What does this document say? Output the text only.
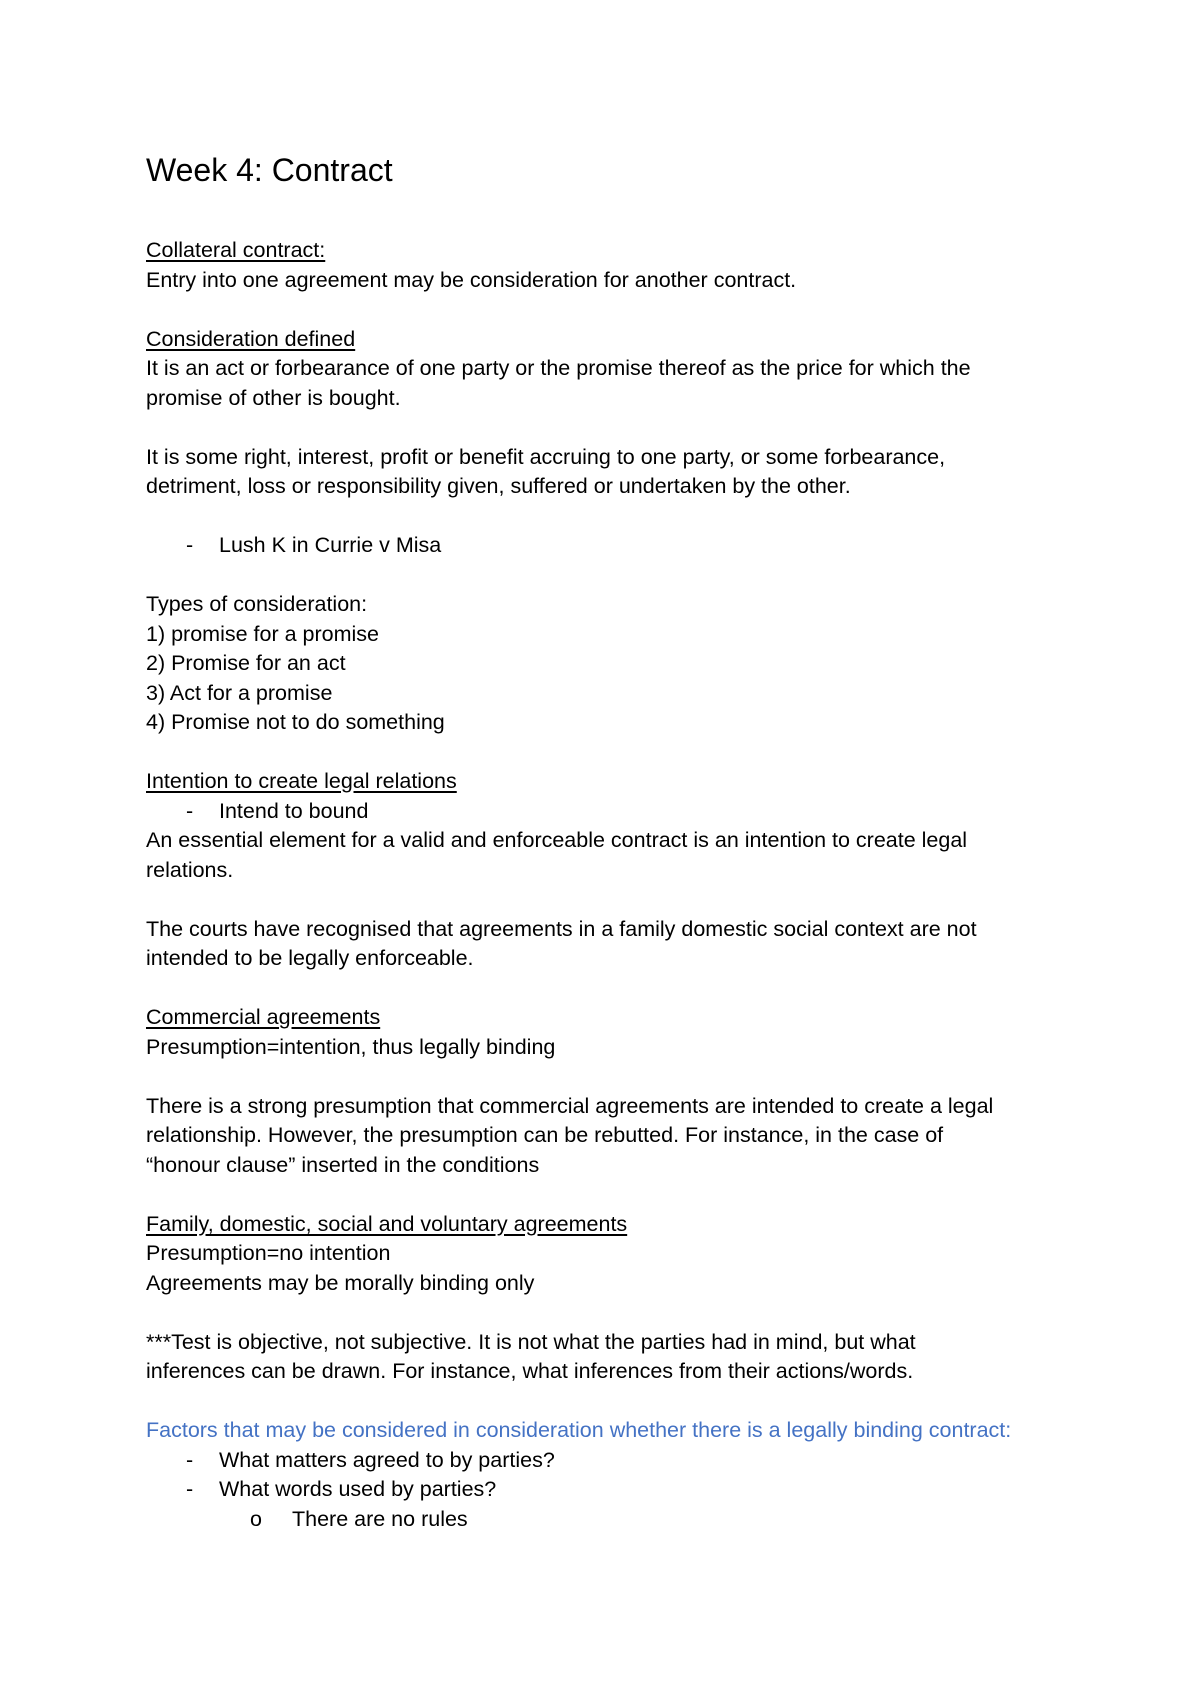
Week 4: Contract

Collateral contract:

Entry into one agreement may be consideration for another contract.

Consideration defined

It is an act or forbearance of one party or the promise thereof as the price for which the

promise of other is bought.

It is some right, interest, profit or benefit accruing to one party, or some forbearance,

detriment, loss or responsibility given, suffered or undertaken by the other.

- Lush K in Currie v Misa

Types of consideration:

1) promise for a promise

2) Promise for an act

3) Act for a promise

4) Promise not to do something

Intention to create legal relations

- Intend to bound

An essential element for a valid and enforceable contract is an intention to create legal

relations.

The courts have recognised that agreements in a family domestic social context are not

intended to be legally enforceable.

Commercial agreements

Presumption=intention, thus legally binding

There is a strong presumption that commercial agreements are intended to create a legal

relationship. However, the presumption can be rebutted. For instance, in the case of

“honour clause” inserted in the conditions

Family, domestic, social and voluntary agreements

Presumption=no intention

Agreements may be morally binding only

***Test is objective, not subjective. It is not what the parties had in mind, but what

inferences can be drawn. For instance, what inferences from their actions/words.

Factors that may be considered in consideration whether there is a legally binding contract:

- What matters agreed to by parties?
- What words used by parties?
o There are no rules
